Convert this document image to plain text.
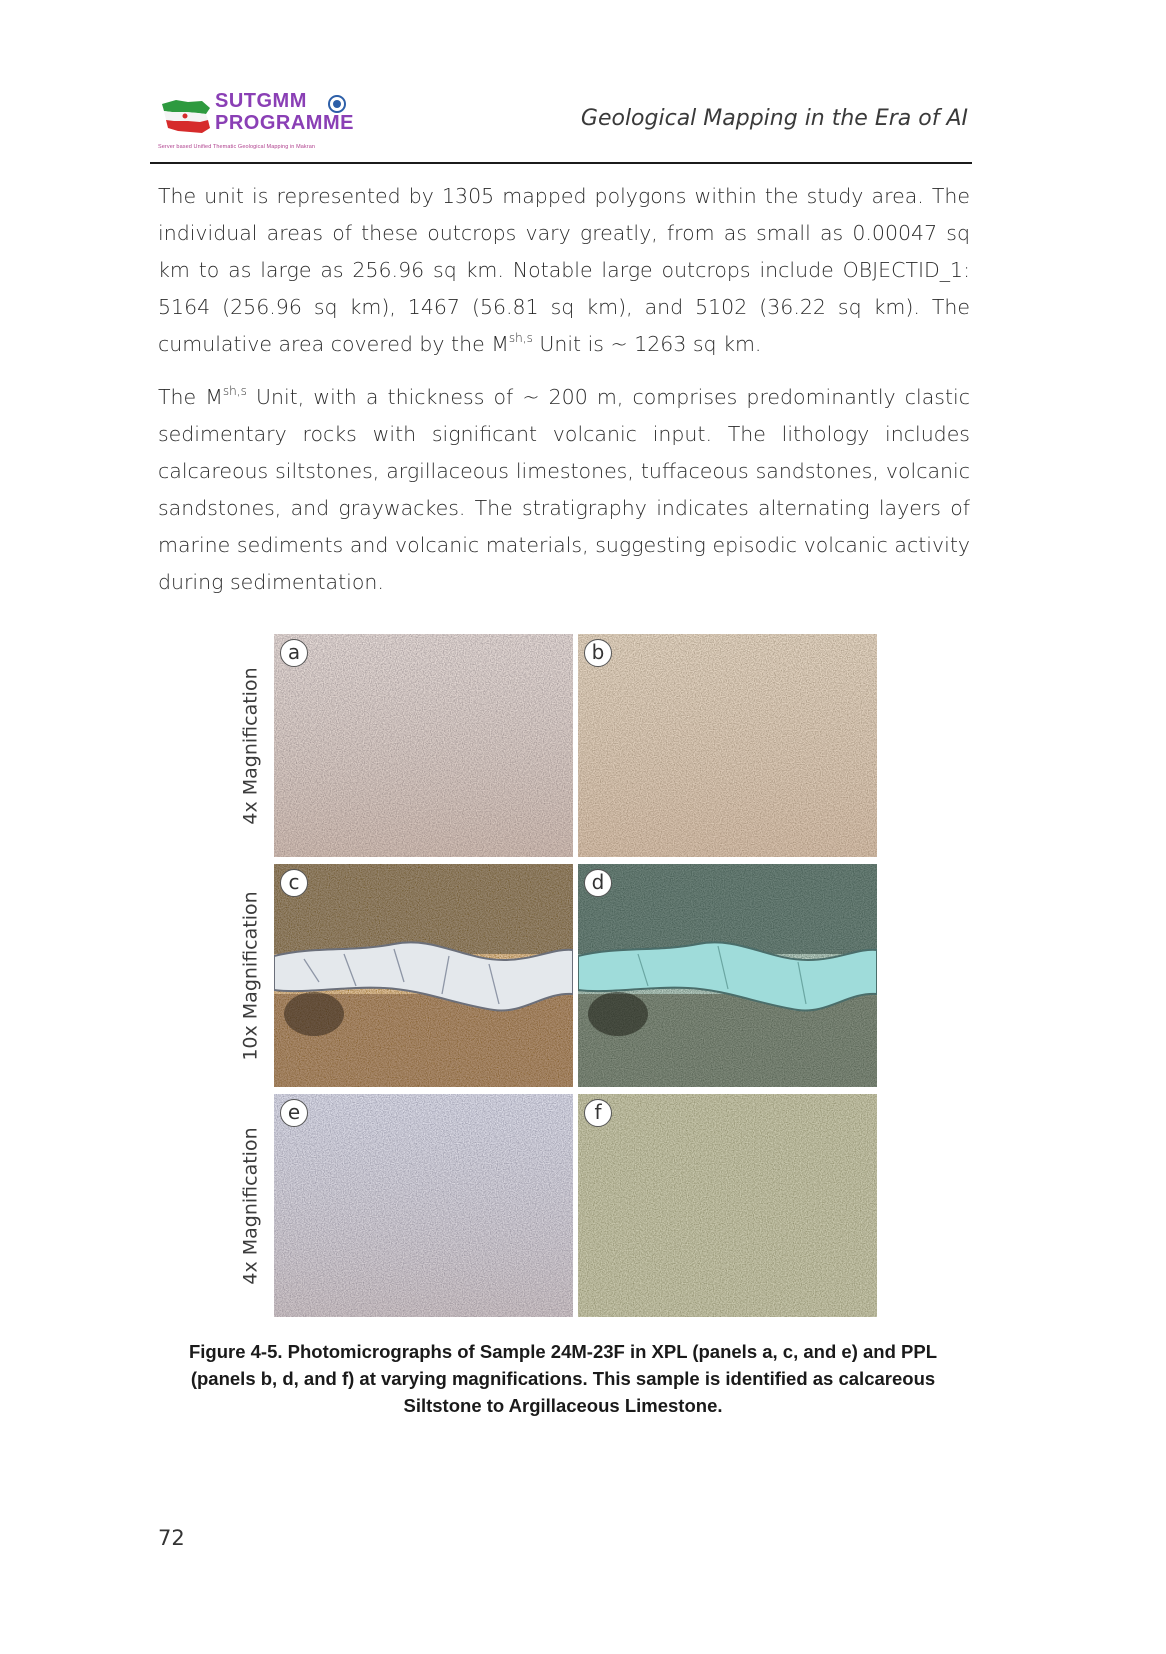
SUTGMM
PROGRAMME
Server based Unified Thematic Geological Mapping in Makran
Geological Mapping in the Era of AI

The unit is represented by 1305 mapped polygons within the study area. The individual areas of these outcrops vary greatly, from as small as 0.00047 sq km to as large as 256.96 sq km. Notable large outcrops include OBJECTID_1: 5164 (256.96 sq km), 1467 (56.81 sq km), and 5102 (36.22 sq km). The cumulative area covered by the $M^{sh,s}$ Unit is ~ 1263 sq km.

The $M^{sh,s}$ Unit, with a thickness of ~ 200 m, comprises predominantly clastic sedimentary rocks with significant volcanic input. The lithology includes calcareous siltstones, argillaceous limestones, tuffaceous sandstones, volcanic sandstones, and graywackes. The stratigraphy indicates alternating layers of marine sediments and volcanic materials, suggesting episodic volcanic activity during sedimentation.

4x Magnification
10x Magnification
4x Magnification
a	b
c	d
e	f
Figure 4-5. Photomicrographs of Sample 24M-23F in XPL (panels a, c, and e) and PPL (panels b, d, and f) at varying magnifications. This sample is identified as calcareous Siltstone to Argillaceous Limestone.
72
